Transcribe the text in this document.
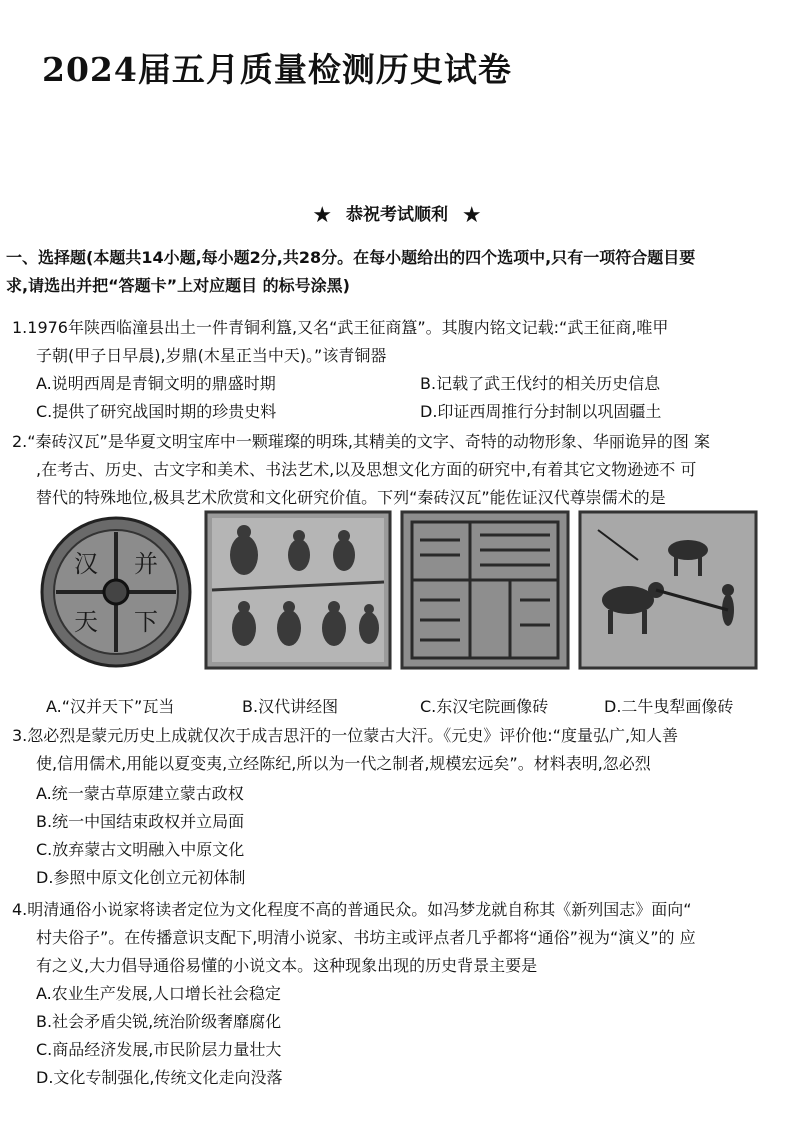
2024届五月质量检测历史试卷
★ 恭祝考试顺利 ★
一、选择题(本题共14小题,每小题2分,共28分。在每小题给出的四个选项中,只有一项符合题目要
求,请选出并把“答题卡”上对应题目 的标号涂黑)
1.1976年陕西临潼县出土一件青铜利簋,又名“武王征商簋”。其腹内铭文记载:“武王征商,唯甲
子朝(甲子日早晨),岁鼎(木星正当中天)。”该青铜器
A.说明西周是青铜文明的鼎盛时期	B.记载了武王伐纣的相关历史信息
C.提供了研究战国时期的珍贵史料	D.印证西周推行分封制以巩固疆土
2.“秦砖汉瓦”是华夏文明宝库中一颗璀璨的明珠,其精美的文字、奇特的动物形象、华丽诡异的图 案
,在考古、历史、古文字和美术、书法艺术,以及思想文化方面的研究中,有着其它文物逊迹不 可
替代的特殊地位,极具艺术欣赏和文化研究价值。下列“秦砖汉瓦”能佐证汉代尊崇儒术的是
汉 并
天 下
A.“汉并天下”瓦当	B.汉代讲经图	C.东汉宅院画像砖	D.二牛曳犁画像砖
3.忽必烈是蒙元历史上成就仅次于成吉思汗的一位蒙古大汗。《元史》评价他:“度量弘广,知人善
使,信用儒术,用能以夏变夷,立经陈纪,所以为一代之制者,规模宏远矣”。材料表明,忽必烈
A.统一蒙古草原建立蒙古政权
B.统一中国结束政权并立局面
C.放弃蒙古文明融入中原文化
D.参照中原文化创立元初体制
4.明清通俗小说家将读者定位为文化程度不高的普通民众。如冯梦龙就自称其《新列国志》面向“
村夫俗子”。在传播意识支配下,明清小说家、书坊主或评点者几乎都将“通俗”视为“演义”的 应
有之义,大力倡导通俗易懂的小说文本。这种现象出现的历史背景主要是
A.农业生产发展,人口增长社会稳定
B.社会矛盾尖锐,统治阶级奢靡腐化
C.商品经济发展,市民阶层力量壮大
D.文化专制强化,传统文化走向没落
